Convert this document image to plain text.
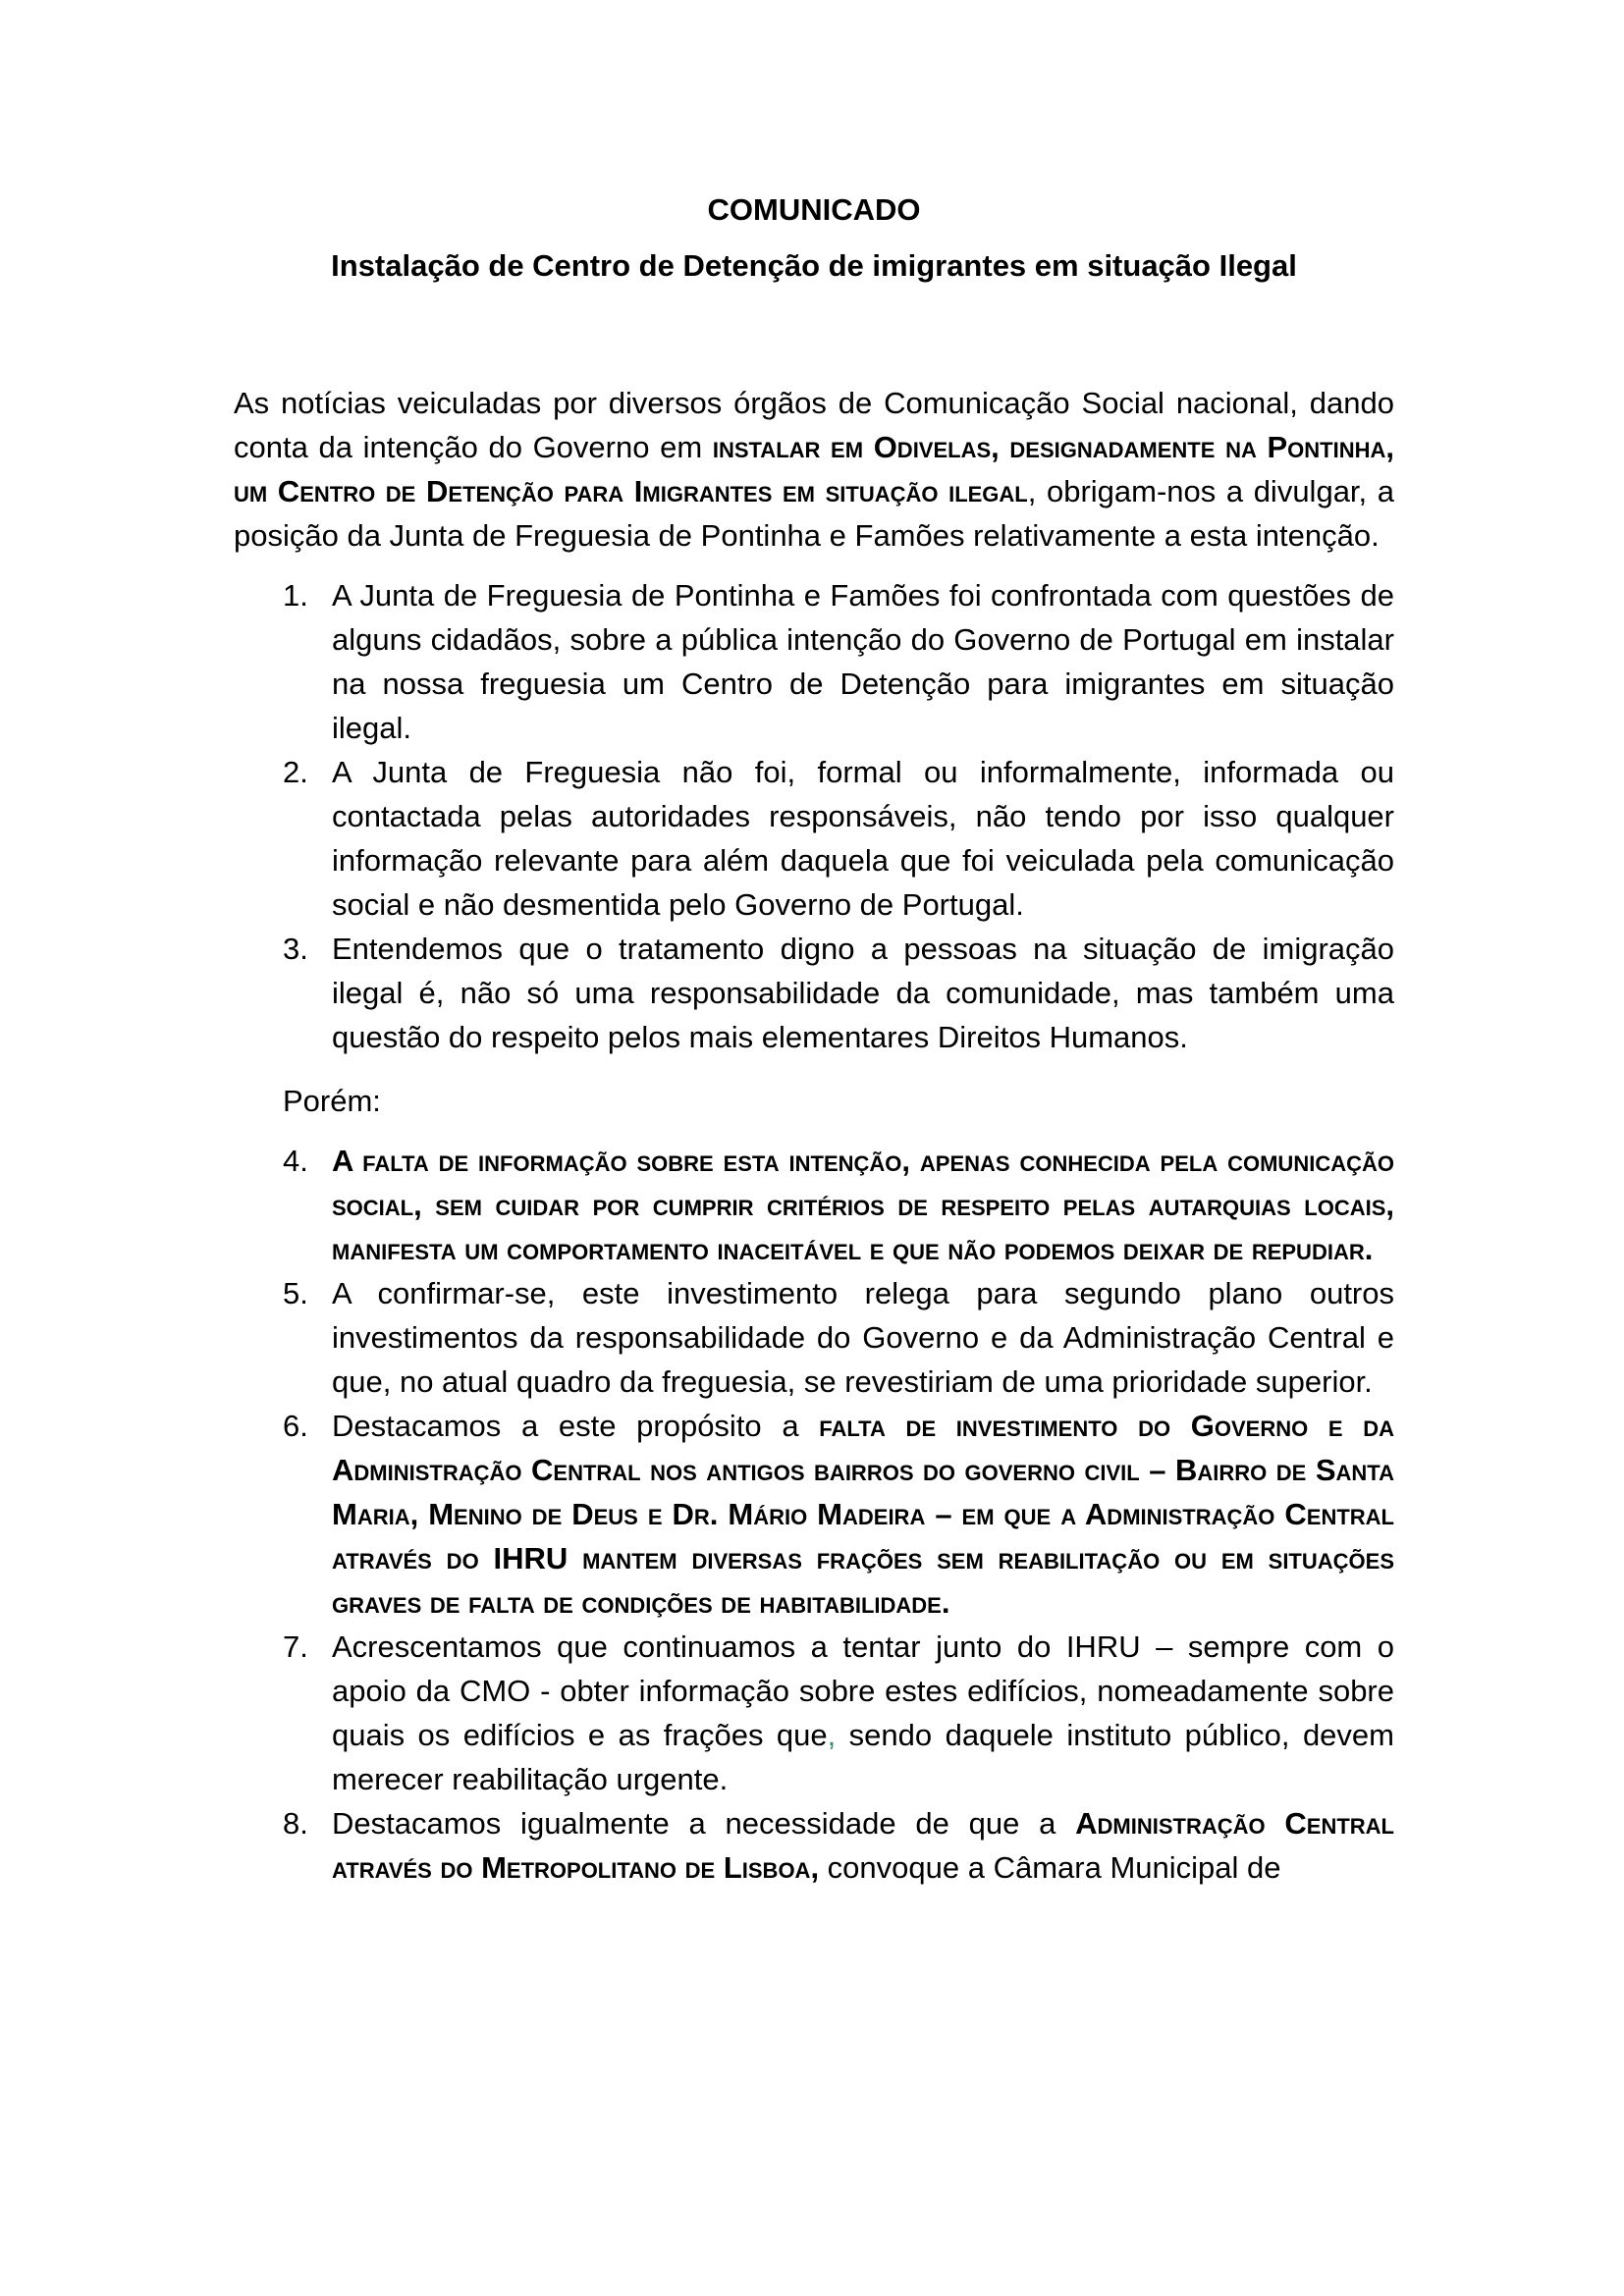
COMUNICADO
Instalação de Centro de Detenção de imigrantes em situação Ilegal

As notícias veiculadas por diversos órgãos de Comunicação Social nacional, dando conta da intenção do Governo em instalar em Odivelas, designadamente na Pontinha, um Centro de Detenção para Imigrantes em situação ilegal, obrigam-nos a divulgar, a posição da Junta de Freguesia de Pontinha e Famões relativamente a esta intenção.

1. A Junta de Freguesia de Pontinha e Famões foi confrontada com questões de alguns cidadãos, sobre a pública intenção do Governo de Portugal em instalar na nossa freguesia um Centro de Detenção para imigrantes em situação ilegal.
2. A Junta de Freguesia não foi, formal ou informalmente, informada ou contactada pelas autoridades responsáveis, não tendo por isso qualquer informação relevante para além daquela que foi veiculada pela comunicação social e não desmentida pelo Governo de Portugal.
3. Entendemos que o tratamento digno a pessoas na situação de imigração ilegal é, não só uma responsabilidade da comunidade, mas também uma questão do respeito pelos mais elementares Direitos Humanos.

Porém:

4. A falta de informação sobre esta intenção, apenas conhecida pela comunicação social, sem cuidar por cumprir critérios de respeito pelas autarquias locais, manifesta um comportamento inaceitável e que não podemos deixar de repudiar.
5. A confirmar-se, este investimento relega para segundo plano outros investimentos da responsabilidade do Governo e da Administração Central e que, no atual quadro da freguesia, se revestiriam de uma prioridade superior.
6. Destacamos a este propósito a falta de investimento do Governo e da Administração Central nos antigos bairros do governo civil – Bairro de Santa Maria, Menino de Deus e Dr. Mário Madeira – em que a Administração Central através do IHRU mantem diversas frações sem reabilitação ou em situações graves de falta de condições de habitabilidade.
7. Acrescentamos que continuamos a tentar junto do IHRU – sempre com o apoio da CMO - obter informação sobre estes edifícios, nomeadamente sobre quais os edifícios e as frações que, sendo daquele instituto público, devem merecer reabilitação urgente.
8. Destacamos igualmente a necessidade de que a Administração Central através do Metropolitano de Lisboa, convoque a Câmara Municipal de
